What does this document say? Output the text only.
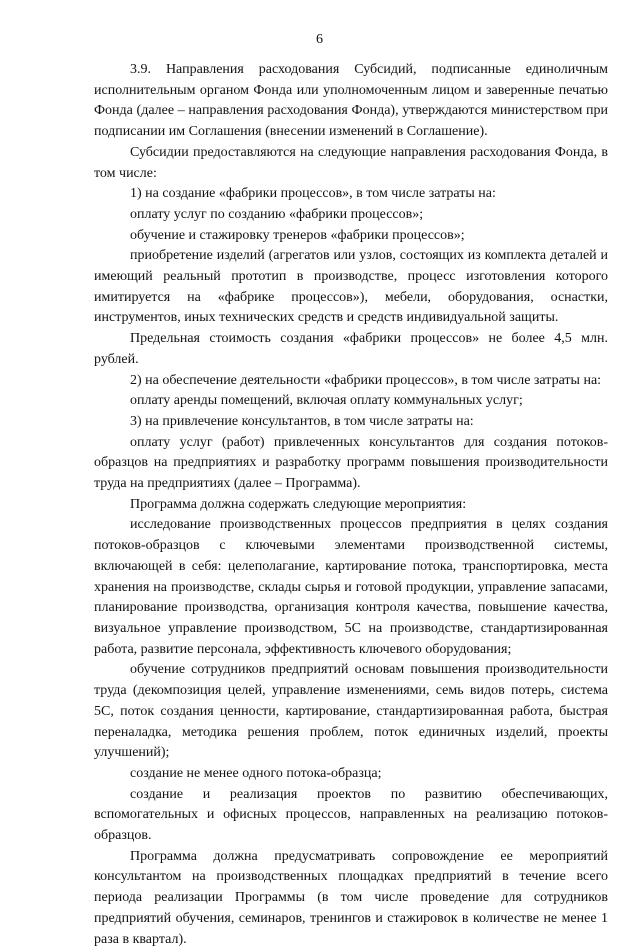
6

3.9. Направления расходования Субсидий, подписанные единоличным исполнительным органом Фонда или уполномоченным лицом и заверенные печатью Фонда (далее – направления расходования Фонда), утверждаются министерством при подписании им Соглашения (внесении изменений в Соглашение).

Субсидии предоставляются на следующие направления расходования Фонда, в том числе:

1) на создание «фабрики процессов», в том числе затраты на:

оплату услуг по созданию «фабрики процессов»;

обучение и стажировку тренеров «фабрики процессов»;

приобретение изделий (агрегатов или узлов, состоящих из комплекта деталей и имеющий реальный прототип в производстве, процесс изготовления которого имитируется на «фабрике процессов»), мебели, оборудования, оснастки, инструментов, иных технических средств и средств индивидуальной защиты.

Предельная стоимость создания «фабрики процессов» не более 4,5 млн. рублей.

2) на обеспечение деятельности «фабрики процессов», в том числе затраты на:

оплату аренды помещений, включая оплату коммунальных услуг;

3) на привлечение консультантов, в том числе затраты на:

оплату услуг (работ) привлеченных консультантов для создания потоков-образцов на предприятиях и разработку программ повышения производительности труда на предприятиях (далее – Программа).

Программа должна содержать следующие мероприятия:

исследование производственных процессов предприятия в целях создания потоков-образцов с ключевыми элементами производственной системы, включающей в себя: целеполагание, картирование потока, транспортировка, места хранения на производстве, склады сырья и готовой продукции, управление запасами, планирование производства, организация контроля качества, повышение качества, визуальное управление производством, 5С на производстве, стандартизированная работа, развитие персонала, эффективность ключевого оборудования;

обучение сотрудников предприятий основам повышения производительности труда (декомпозиция целей, управление изменениями, семь видов потерь, система 5С, поток создания ценности, картирование, стандартизированная работа, быстрая переналадка, методика решения проблем, поток единичных изделий, проекты улучшений);

создание не менее одного потока-образца;

создание и реализация проектов по развитию обеспечивающих, вспомогательных и офисных процессов, направленных на реализацию потоков-образцов.

Программа должна предусматривать сопровождение ее мероприятий консультантом на производственных площадках предприятий в течение всего периода реализации Программы (в том числе проведение для сотрудников предприятий обучения, семинаров, тренингов и стажировок в количестве не менее 1 раза в квартал).
